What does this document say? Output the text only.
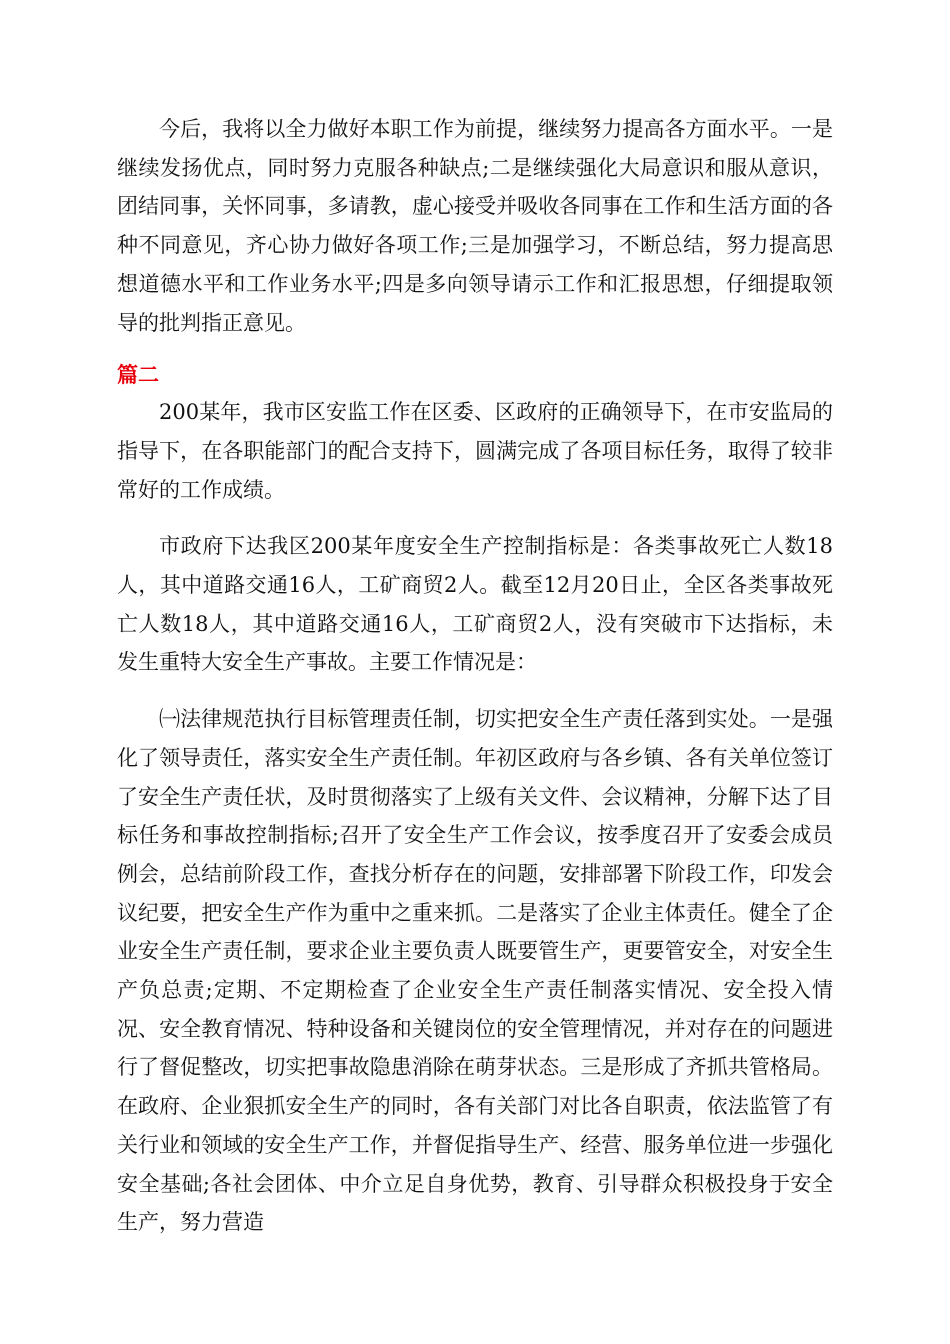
今后，我将以全力做好本职工作为前提，继续努力提高各方面水平。一是继续发扬优点，同时努力克服各种缺点;二是继续强化大局意识和服从意识，团结同事，关怀同事，多请教，虚心接受并吸收各同事在工作和生活方面的各种不同意见，齐心协力做好各项工作;三是加强学习，不断总结，努力提高思想道德水平和工作业务水平;四是多向领导请示工作和汇报思想，仔细提取领导的批判指正意见。

篇二

200某年，我市区安监工作在区委、区政府的正确领导下，在市安监局的指导下，在各职能部门的配合支持下，圆满完成了各项目标任务，取得了较非常好的工作成绩。

市政府下达我区200某年度安全生产控制指标是：各类事故死亡人数18人，其中道路交通16人，工矿商贸2人。截至12月20日止，全区各类事故死亡人数18人，其中道路交通16人，工矿商贸2人，没有突破市下达指标，未发生重特大安全生产事故。主要工作情况是：

㈠法律规范执行目标管理责任制，切实把安全生产责任落到实处。一是强化了领导责任，落实安全生产责任制。年初区政府与各乡镇、各有关单位签订了安全生产责任状，及时贯彻落实了上级有关文件、会议精神，分解下达了目标任务和事故控制指标;召开了安全生产工作会议，按季度召开了安委会成员例会，总结前阶段工作，查找分析存在的问题，安排部署下阶段工作，印发会议纪要，把安全生产作为重中之重来抓。二是落实了企业主体责任。健全了企业安全生产责任制，要求企业主要负责人既要管生产，更要管安全，对安全生产负总责;定期、不定期检查了企业安全生产责任制落实情况、安全投入情况、安全教育情况、特种设备和关键岗位的安全管理情况，并对存在的问题进行了督促整改，切实把事故隐患消除在萌芽状态。三是形成了齐抓共管格局。在政府、企业狠抓安全生产的同时，各有关部门对比各自职责，依法监管了有关行业和领域的安全生产工作，并督促指导生产、经营、服务单位进一步强化安全基础;各社会团体、中介立足自身优势，教育、引导群众积极投身于安全生产，努力营造
